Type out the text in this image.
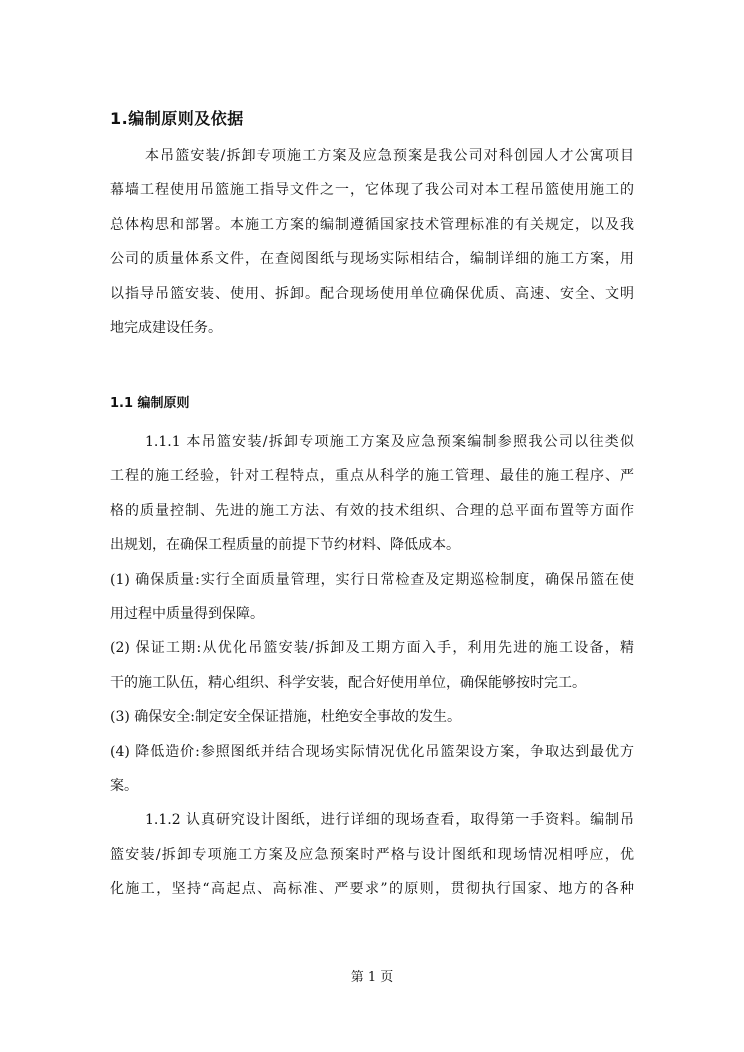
1.编制原则及依据
本吊篮安装/拆卸专项施工方案及应急预案是我公司对科创园人才公寓项目
幕墙工程使用吊篮施工指导文件之一，它体现了我公司对本工程吊篮使用施工的
总体构思和部署。本施工方案的编制遵循国家技术管理标准的有关规定，以及我
公司的质量体系文件，在查阅图纸与现场实际相结合，编制详细的施工方案，用
以指导吊篮安装、使用、拆卸。配合现场使用单位确保优质、高速、安全、文明
地完成建设任务。
1.1 编制原则
1.1.1 本吊篮安装/拆卸专项施工方案及应急预案编制参照我公司以往类似
工程的施工经验，针对工程特点，重点从科学的施工管理、最佳的施工程序、严
格的质量控制、先进的施工方法、有效的技术组织、合理的总平面布置等方面作
出规划，在确保工程质量的前提下节约材料、降低成本。
(1) 确保质量:实行全面质量管理，实行日常检查及定期巡检制度，确保吊篮在使
用过程中质量得到保障。
(2) 保证工期:从优化吊篮安装/拆卸及工期方面入手，利用先进的施工设备，精
干的施工队伍，精心组织、科学安装，配合好使用单位，确保能够按时完工。
(3) 确保安全:制定安全保证措施，杜绝安全事故的发生。
(4) 降低造价:参照图纸并结合现场实际情况优化吊篮架设方案，争取达到最优方
案。
1.1.2 认真研究设计图纸，进行详细的现场查看，取得第一手资料。编制吊
篮安装/拆卸专项施工方案及应急预案时严格与设计图纸和现场情况相呼应，优
化施工，坚持“高起点、高标准、严要求”的原则，贯彻执行国家、地方的各种
第 1 页
